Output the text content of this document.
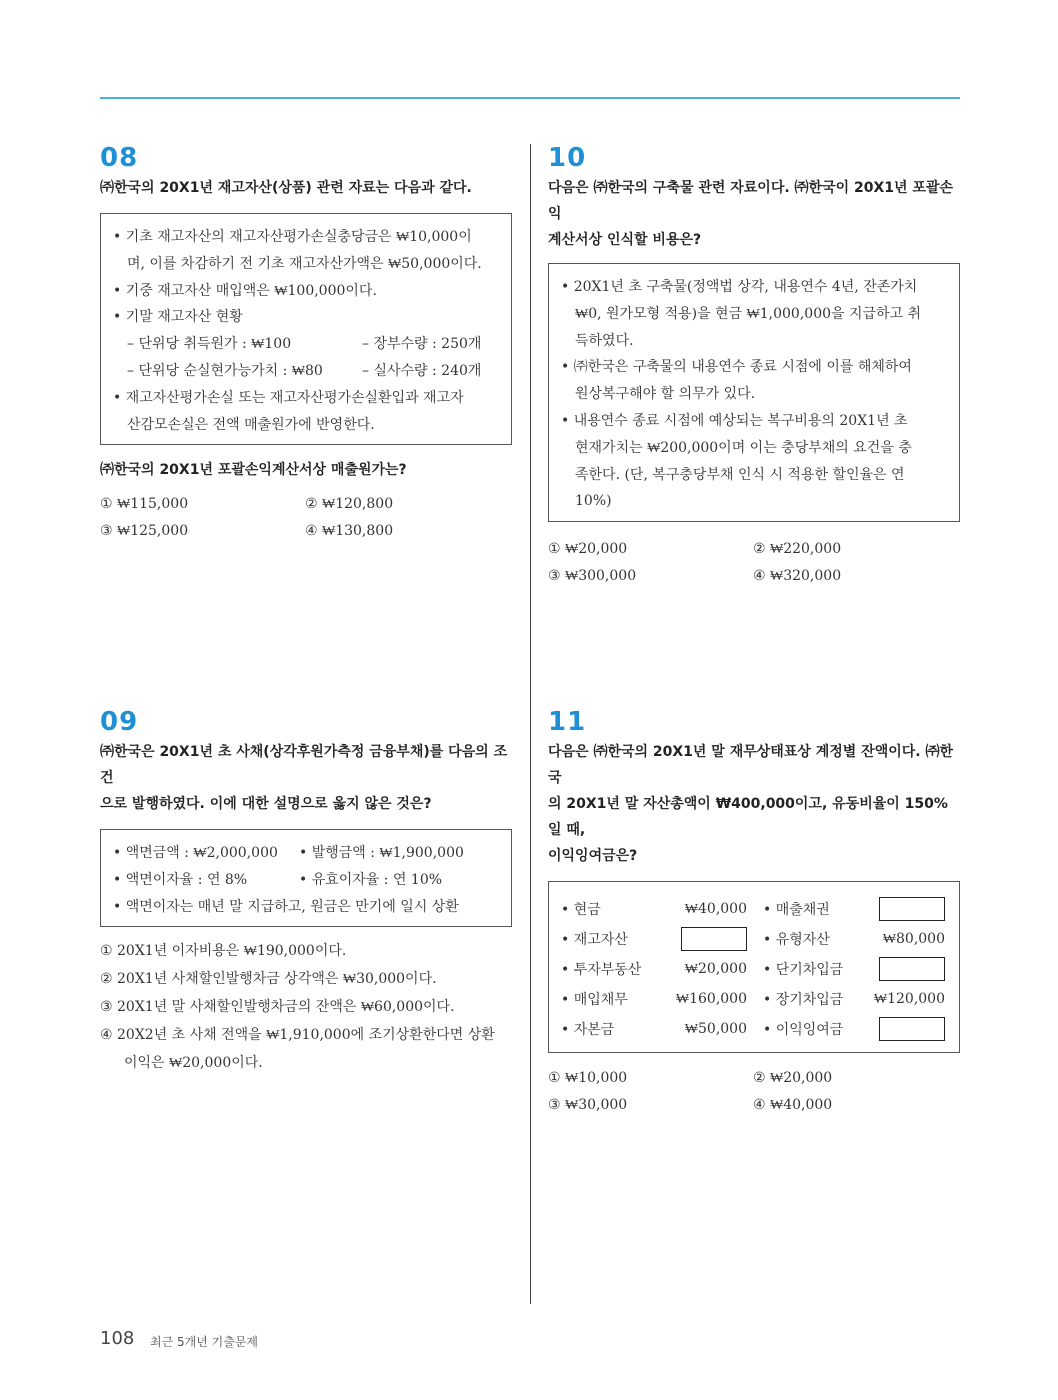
08
㈜한국의 20X1년 재고자산(상품) 관련 자료는 다음과 같다.
• 기초 재고자산의 재고자산평가손실충당금은 ₩10,000이
며, 이를 차감하기 전 기초 재고자산가액은 ₩50,000이다.
• 기중 재고자산 매입액은 ₩100,000이다.
• 기말 재고자산 현황
– 단위당 취득원가 : ₩100	– 장부수량 : 250개
– 단위당 순실현가능가치 : ₩80	– 실사수량 : 240개
• 재고자산평가손실 또는 재고자산평가손실환입과 재고자
산감모손실은 전액 매출원가에 반영한다.
㈜한국의 20X1년 포괄손익계산서상 매출원가는?
① ₩115,000	② ₩120,800
③ ₩125,000	④ ₩130,800
09
㈜한국은 20X1년 초 사채(상각후원가측정 금융부채)를 다음의 조건
으로 발행하였다. 이에 대한 설명으로 옳지 않은 것은?
• 액면금액 : ₩2,000,000	• 발행금액 : ₩1,900,000
• 액면이자율 : 연 8%	• 유효이자율 : 연 10%
• 액면이자는 매년 말 지급하고, 원금은 만기에 일시 상환
① 20X1년 이자비용은 ₩190,000이다.
② 20X1년 사채할인발행차금 상각액은 ₩30,000이다.
③ 20X1년 말 사채할인발행차금의 잔액은 ₩60,000이다.
④ 20X2년 초 사채 전액을 ₩1,910,000에 조기상환한다면 상환
이익은 ₩20,000이다.
10
다음은 ㈜한국의 구축물 관련 자료이다. ㈜한국이 20X1년 포괄손익
계산서상 인식할 비용은?
• 20X1년 초 구축물(정액법 상각, 내용연수 4년, 잔존가치
₩0, 원가모형 적용)을 현금 ₩1,000,000을 지급하고 취
득하였다.
• ㈜한국은 구축물의 내용연수 종료 시점에 이를 해체하여
원상복구해야 할 의무가 있다.
• 내용연수 종료 시점에 예상되는 복구비용의 20X1년 초
현재가치는 ₩200,000이며 이는 충당부채의 요건을 충
족한다. (단, 복구충당부채 인식 시 적용한 할인율은 연
10%)
① ₩20,000	② ₩220,000
③ ₩300,000	④ ₩320,000
11
다음은 ㈜한국의 20X1년 말 재무상태표상 계정별 잔액이다. ㈜한국
의 20X1년 말 자산총액이 ₩400,000이고, 유동비율이 150%일 때,
이익잉여금은?
• 현금	₩40,000		• 매출채권	
• 재고자산			• 유형자산	₩80,000
• 투자부동산	₩20,000		• 단기차입금	
• 매입채무	₩160,000		• 장기차입금	₩120,000
• 자본금	₩50,000		• 이익잉여금	
① ₩10,000	② ₩20,000
③ ₩30,000	④ ₩40,000
108 최근 5개년 기출문제
